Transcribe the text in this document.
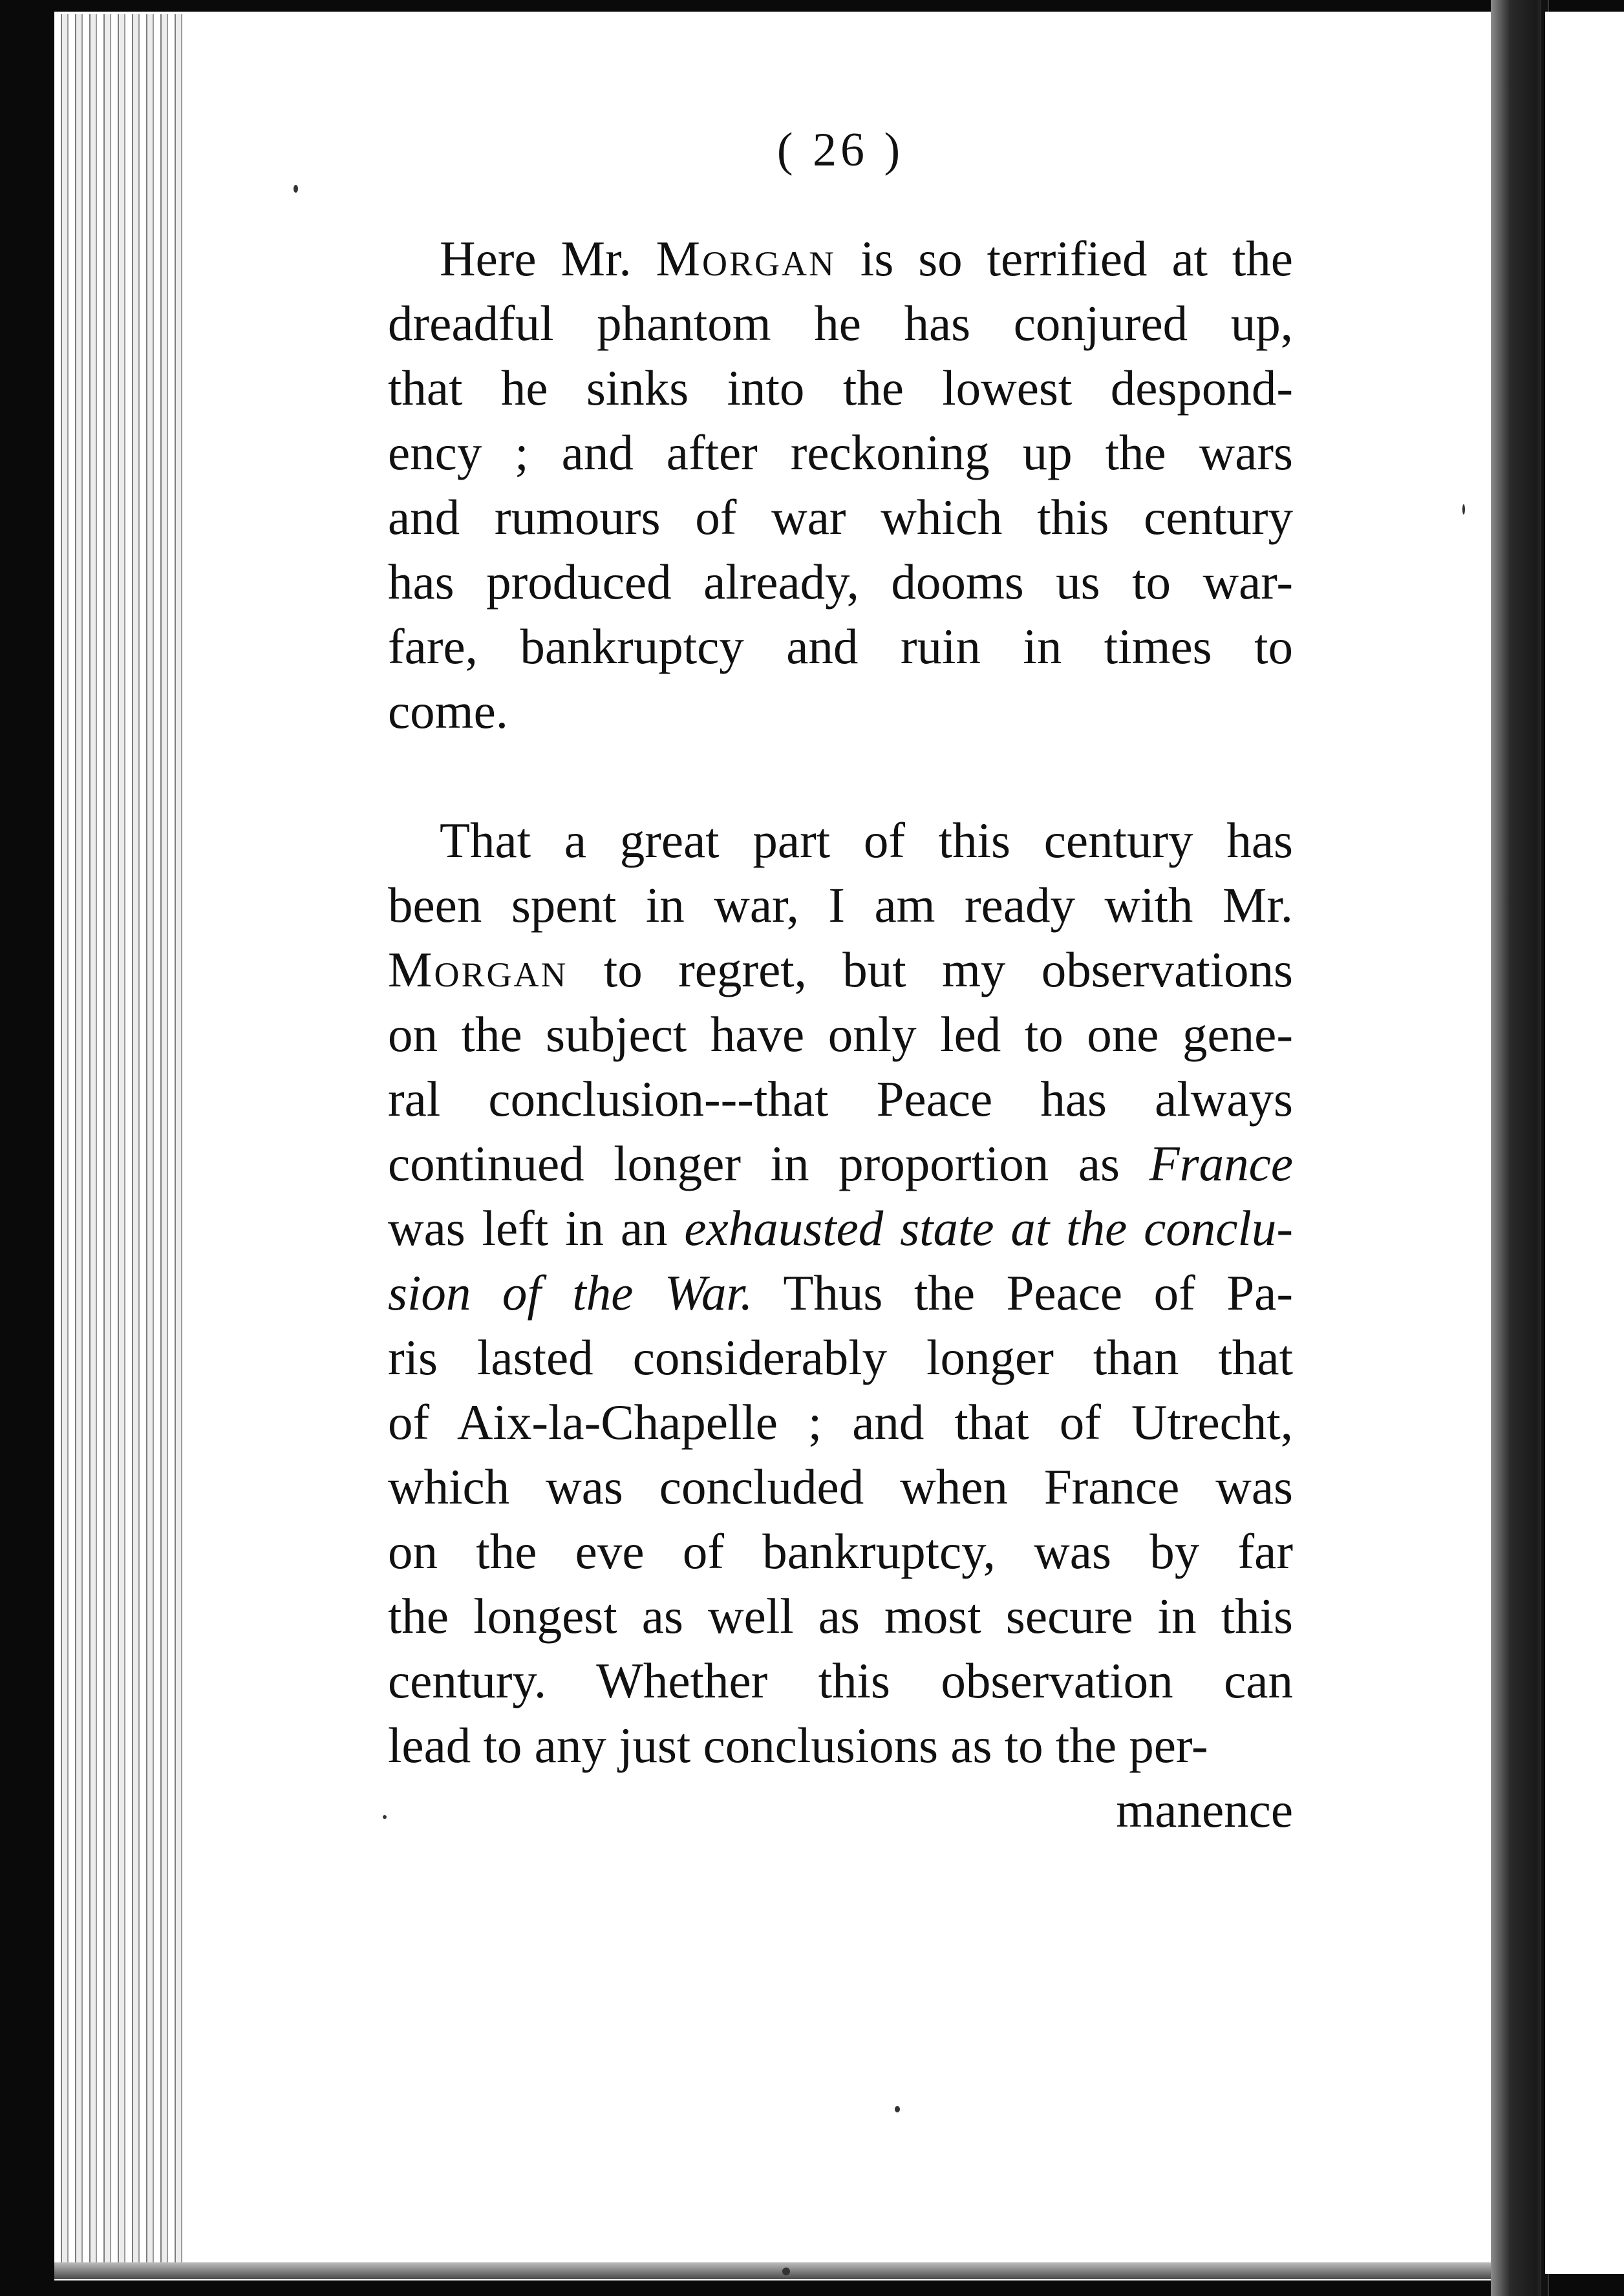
( 26 )
Here Mr. Morgan is so terrified at the
dreadful phantom he has conjured up,
that he sinks into the lowest despond-
ency ; and after reckoning up the wars
and rumours of war which this century
has produced already, dooms us to war-
fare, bankruptcy and ruin in times to
come.
That a great part of this century has
been spent in war, I am ready with Mr.
Morgan to regret, but my observations
on the subject have only led to one gene-
ral conclusion---that Peace has always
continued longer in proportion as France
was left in an exhausted state at the conclu-
sion of the War. Thus the Peace of Pa-
ris lasted considerably longer than that
of Aix-la-Chapelle ; and that of Utrecht,
which was concluded when France was
on the eve of bankruptcy, was by far
the longest as well as most secure in this
century. Whether this observation can
lead to any just conclusions as to the per-
manence
